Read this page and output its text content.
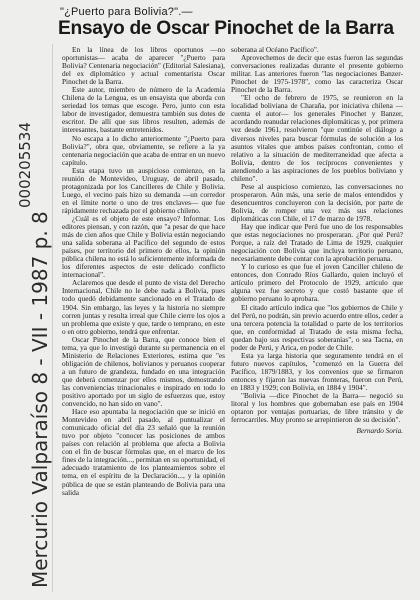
000205534
Mercurio Valparaíso 8 - VII - 1987 p. 8
"¿Puerto para Bolivia?".—
Ensayo de Oscar Pinochet de la Barra

En la línea de los libros oportunos —no oportunistas— acaba de aparecer "¿Puerto para Bolivia? Centenaria negociación" (Editorial Salesiana), del ex diplomático y actual comentarista Oscar Pinochet de la Barra.

Este autor, miembro de número de la Academia Chilena de la Lengua, es un ensayista que aborda con seriedad los temas que escoge. Pero, junto con esta labor de investigador, demuestra también sus dotes de escritor. De allí que sus libros resulten, además de interesantes, bastante entretenidos.

No escapa a lo dicho anteriormente "¿Puerto para Bolivia?", obra que, obviamente, se refiere a la ya centenaria negociación que acaba de entrar en un nuevo capítulo.

Esta etapa tuvo un auspicioso comienzo, en la reunión de Montevideo, Uruguay, de abril pasado, protagonizada por los Cancilleres de Chile y Bolivia. Luego, el vecino país hizo su demanda —un corredor en el límite norte o uno de tres enclaves— que fue rápidamente rechazada por el gobierno chileno.

¿Cuál es el objeto de este ensayo? Informar. Los editores piensan, y con razón, que "a pesar de que hace más de cien años que Chile y Bolivia están negociando una salida soberana al Pacífico del segundo de estos países, por territorio del primero de ellos, la opinión pública chilena no está lo suficientemente informada de los diferentes aspectos de este delicado conflicto internacional".

Aclaremos que desde el punto de vista del Derecho Internacional, Chile no le debe nada a Bolivia, pues todo quedó debidamente sancionado en el Tratado de 1904. Sin embargo, las leyes y la historia no siempre corren juntas y resulta irreal que Chile cierre los ojos a un problema que existe y que, tarde o temprano, en este o en otro gobierno, tendrá que enfrentar.

Oscar Pinochet de la Barra, que conoce bien el tema, ya que lo investigó durante su permanencia en el Ministerio de Relaciones Exteriores, estima que "es obligación de chilenos, bolivianos y peruanos cooperar a un futuro de grandeza, fundado en una integración que deberá comenzar por ellos mismos, demostrando las conveniencias trinacionales e inspirado en todo lo positivo aportado por un siglo de esfuerzos que, estoy convencido, no han sido en vano".

Hace eso apuntaba la negociación que se inició en Montevideo en abril pasado, al puntualizar el comunicado oficial del día 23 señaló que la reunión tuvo por objeto "conocer las posiciones de ambos países con relación al problema que afecta a Bolivia con el fin de buscar fórmulas que, en el marco de los fines de la integración..., permitan en su oportunidad, el adecuado tratamiento de los planteamientos sobre el tema, en el espíritu de la Declaración..., y la opinión pública de que se están planteando de Bolivia para una salida

soberana al Océano Pacífico".

Aprovechemos de decir que estas fueron las segundas conversaciones realizadas durante el presente gobierno militar. Las anteriores fueron "las negociaciones Banzer-Pinochet de 1975-1978", como las caracteriza Oscar Pinochet de la Barra.

"El ocho de febrero de 1975, se reunieron en la localidad boliviana de Charaña, por iniciativa chilena —cuenta el autor— los generales Pinochet y Banzer, acordando reanudar relaciones diplomáticas y, por primera vez desde 1961, resolvieron "que continúe el diálogo a diversos niveles para buscar fórmulas de solución a los asuntos vitales que ambos países confrontan, como el relativo a la situación de mediterraneidad que afecta a Bolivia, dentro de los recíprocos convenientes y atendiendo a las aspiraciones de los pueblos boliviano y chileno".

Pese al auspicioso comienzo, las conversaciones no prosperaron. Aún más, una serie de malos entendidos y desencuentros concluyeron con la decisión, por parte de Bolivia, de romper una vez más sus relaciones diplomáticas con Chile, el 17 de marzo de 1978.

Hay que indicar que Perú fue uno de los responsables que estas negociaciones no prosperaran. ¿Por qué Perú? Porque, a raíz del Tratado de Lima de 1929, cualquier negociación con Bolivia que incluya territorio peruano, necesariamente debe contar con la aprobación peruana.

Y lo curioso es que fue el joven Canciller chileno de entonces, don Conrado Ríos Gallardo, quien incluyó el artículo primero del Protocolo de 1929, artículo que alguna vez fue secreto y que costó bastante que el gobierno peruano lo aprobara.

El citado artículo indica que "los gobiernos de Chile y del Perú, no podrán, sin previo acuerdo entre ellos, ceder a una tercera potencia la totalidad o parte de los territorios que, en conformidad al Tratado de esta misma fecha, quedan bajo sus respectivas soberanías", o sea Tacna, en poder de Perú, y Arica, en poder de Chile.

Esta ya larga historia que seguramente tendrá en el futuro nuevos capítulos, "comenzó en la Guerra del Pacífico, 1879/1883, y los convenios que se firmaron entonces y fijaron las nuevas fronteras, fueron con Perú, en 1883 y 1929; con Bolivia, en 1884 y 1904".

"Bolivia —dice Pinochet de la Barra— negoció su litoral y los hombres que gobernaban ese país en 1904 optaron por ventajas portuarias, de libre tránsito y de ferrocarriles. Muy pronto se arrepintieron de su decisión".

Bernardo Soria.
